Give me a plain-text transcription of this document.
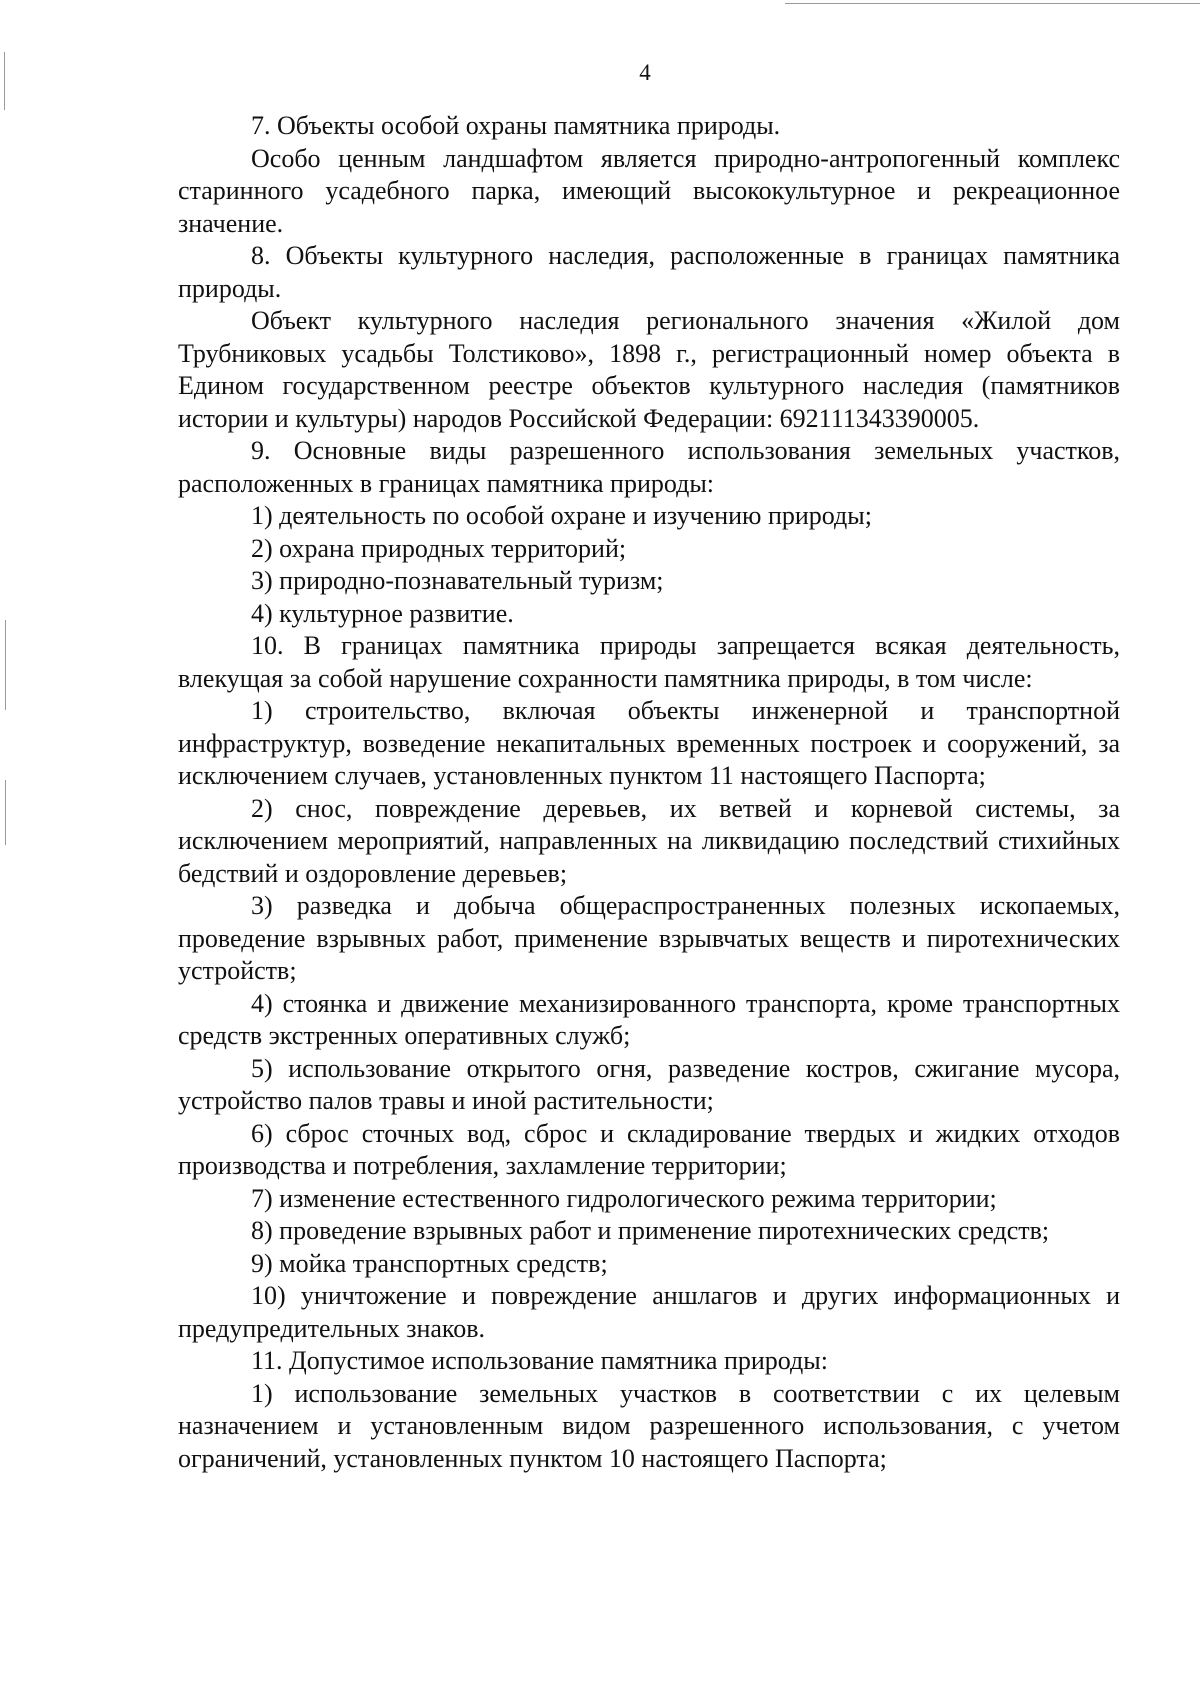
4

7. Объекты особой охраны памятника природы.

Особо ценным ландшафтом является природно-антропогенный комплекс старинного усадебного парка, имеющий высококультурное и рекреационное значение.

8. Объекты культурного наследия, расположенные в границах памятника природы.

Объект культурного наследия регионального значения «Жилой дом Трубниковых усадьбы Толстиково», 1898 г., регистрационный номер объекта в Едином государственном реестре объектов культурного наследия (памятников истории и культуры) народов Российской Федерации: 692111343390005.

9. Основные виды разрешенного использования земельных участков, расположенных в границах памятника природы:

1) деятельность по особой охране и изучению природы;

2) охрана природных территорий;

3) природно-познавательный туризм;

4) культурное развитие.

10. В границах памятника природы запрещается всякая деятельность, влекущая за собой нарушение сохранности памятника природы, в том числе:

1) строительство, включая объекты инженерной и транспортной инфраструктур, возведение некапитальных временных построек и сооружений, за исключением случаев, установленных пунктом 11 настоящего Паспорта;

2) снос, повреждение деревьев, их ветвей и корневой системы, за исключением мероприятий, направленных на ликвидацию последствий стихийных бедствий и оздоровление деревьев;

3) разведка и добыча общераспространенных полезных ископаемых, проведение взрывных работ, применение взрывчатых веществ и пиротехнических устройств;

4) стоянка и движение механизированного транспорта, кроме транспортных средств экстренных оперативных служб;

5) использование открытого огня, разведение костров, сжигание мусора, устройство палов травы и иной растительности;

6) сброс сточных вод, сброс и складирование твердых и жидких отходов производства и потребления, захламление территории;

7) изменение естественного гидрологического режима территории;

8) проведение взрывных работ и применение пиротехнических средств;

9) мойка транспортных средств;

10) уничтожение и повреждение аншлагов и других информационных и предупредительных знаков.

11. Допустимое использование памятника природы:

1) использование земельных участков в соответствии с их целевым назначением и установленным видом разрешенного использования, с учетом ограничений, установленных пунктом 10 настоящего Паспорта;
